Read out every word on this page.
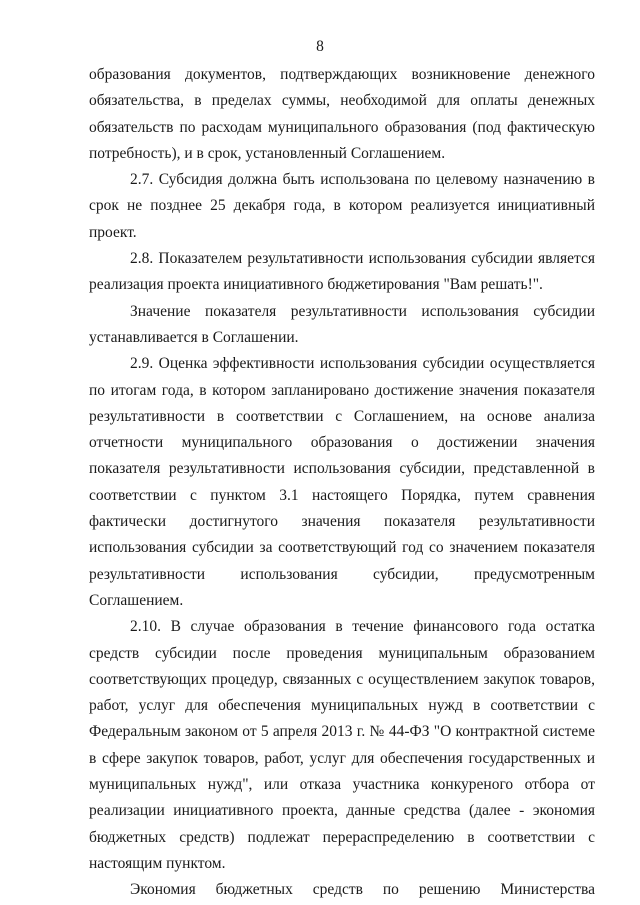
8

образования документов, подтверждающих возникновение денежного обязательства, в пределах суммы, необходимой для оплаты денежных обязательств по расходам муниципального образования (под фактическую потребность), и в срок, установленный Соглашением.

2.7. Субсидия должна быть использована по целевому назначению в срок не позднее 25 декабря года, в котором реализуется инициативный проект.

2.8. Показателем результативности использования субсидии является реализация проекта инициативного бюджетирования "Вам решать!".

Значение показателя результативности использования субсидии устанавливается в Соглашении.

2.9. Оценка эффективности использования субсидии осуществляется по итогам года, в котором запланировано достижение значения показателя результативности в соответствии с Соглашением, на основе анализа отчетности муниципального образования о достижении значения показателя результативности использования субсидии, представленной в соответствии с пунктом 3.1 настоящего Порядка, путем сравнения фактически достигнутого значения показателя результативности использования субсидии за соответствующий год со значением показателя результативности использования субсидии, предусмотренным Соглашением.

2.10. В случае образования в течение финансового года остатка средств субсидии после проведения муниципальным образованием соответствующих процедур, связанных с осуществлением закупок товаров, работ, услуг для обеспечения муниципальных нужд в соответствии с Федеральным законом от 5 апреля 2013 г. № 44-ФЗ "О контрактной системе в сфере закупок товаров, работ, услуг для обеспечения государственных и муниципальных нужд", или отказа участника конкуреного отбора от реализации инициативного проекта, данные средства (далее - экономия бюджетных средств) подлежат перераспределению в соответствии с настоящим пунктом.

Экономия бюджетных средств по решению Министерства
